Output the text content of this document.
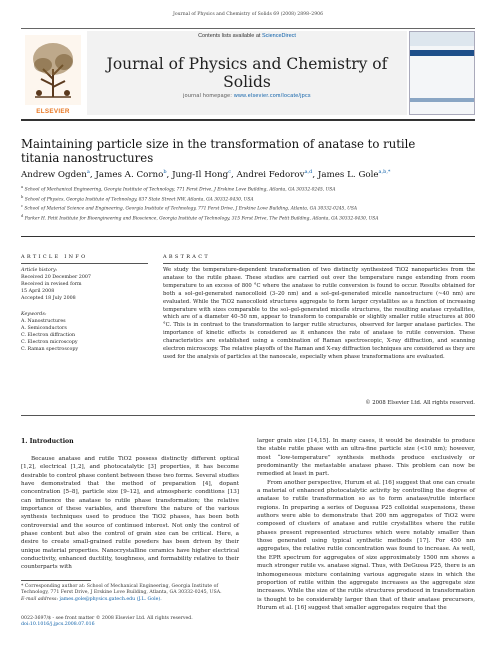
Journal of Physics and Chemistry of Solids 69 (2008) 2898–2906
ELSEVIER
Contents lists available at ScienceDirect
Journal of Physics and Chemistry of Solids
journal homepage: www.elsevier.com/locate/jpcs
Maintaining particle size in the transformation of anatase to rutile
titania nanostructures
Andrew Ogden$^a$, James A. Corno$^b$, Jung-Il Hong$^c$, Andrei Fedorov$^{a,d}$, James L. Gole$^{a,b,*}$
$^a$ School of Mechanical Engineering, Georgia Institute of Technology, 771 Ferst Drive, J Erskine Love Building, Atlanta, GA 30332-0245, USA
$^b$ School of Physics, Georgia Institute of Technology, 837 State Street NW, Atlanta, GA 30332-0430, USA
$^c$ School of Material Science and Engineering, Georgia Institute of Technology, 771 Ferst Drive, J Erskine Love Building, Atlanta, GA 30332-0245, USA
$^d$ Parker H. Petit Institute for Bioengineering and Bioscience, Georgia Institute of Technology, 315 Ferst Drive, The Petit Building, Atlanta, GA 30332-0430, USA
ARTICLE INFO
Article history:
Received 20 December 2007
Received in revised form
15 April 2008
Accepted 18 July 2008
Keywords:
A. Nanostructures
A. Semiconductors
C. Electron diffraction
C. Electron microscopy
C. Raman spectroscopy
ABSTRACT
We study the temperature-dependent transformation of two distinctly synthesized TiO2 nanoparticles from the anatase to the rutile phase. These studies are carried out over the temperature range extending from room temperature to an excess of 800 °C where the anatase to rutile conversion is found to occur. Results obtained for both a sol–gel-generated nanocolloid (3–20 nm) and a sol–gel-generated micelle nanostructure (~40 nm) are evaluated. While the TiO2 nanocolloid structures aggregate to form larger crystallites as a function of increasing temperature with sizes comparable to the sol–gel-generated micelle structures, the resulting anatase crystallites, which are of a diameter 40–50 nm, appear to transform to comparable or slightly smaller rutile structures at 800 °C. This is in contrast to the transformation to larger rutile structures, observed for larger anatase particles. The importance of kinetic effects is considered as it enhances the rate of anatase to rutile conversion. These characteristics are established using a combination of Raman spectroscopic, X-ray diffraction, and scanning electron microscopy. The relative playoffs of the Raman and X-ray diffraction techniques are considered as they are used for the analysis of particles at the nanoscale, especially when phase transformations are evaluated.
© 2008 Elsevier Ltd. All rights reserved.
1. Introduction

Because anatase and rutile TiO2 possess distinctly different optical [1,2], electrical [1,2], and photocatalytic [3] properties, it has become desirable to control phase content between these two forms. Several studies have demonstrated that the method of preparation [4], dopant concentration [5–8], particle size [9–12], and atmospheric conditions [13] can influence the anatase to rutile phase transformation; the relative importance of these variables, and therefore the nature of the various synthesis techniques used to produce the TiO2 phases, has been both controversial and the source of continued interest. Not only the control of phase content but also the control of grain size can be critical. Here, a desire to create small-grained rutile powders has been driven by their unique material properties. Nanocrystalline ceramics have higher electrical conductivity, enhanced ductility, toughness, and formability relative to their counterparts with

larger grain size [14,15]. In many cases, it would be desirable to produce the stable rutile phase with an ultra-fine particle size (<10 nm); however, most “low-temperature” synthesis methods produce exclusively or predominantly the metastable anatase phase. This problem can now be remedied at least in part.

From another perspective, Hurum et al. [16] suggest that one can create a material of enhanced photocatalytic activity by controlling the degree of anatase to rutile transformation so as to form anatase/rutile interface regions. In preparing a series of Degussa P25 colloidal suspensions, these authors were able to demonstrate that 200 nm aggregates of TiO2 were composed of clusters of anatase and rutile crystallites where the rutile phases present represented structures which were notably smaller than those generated using typical synthetic methods [17]. For 450 nm aggregates, the relative rutile concentration was found to increase. As well, the EPR spectrum for aggregates of size approximately 1500 nm shows a much stronger rutile vs. anatase signal. Thus, with DeGussa P25, there is an inhomogeneous mixture containing various aggregate sizes in which the proportion of rutile within the aggregate increases as the aggregate size increases. While the size of the rutile structures produced in transformation is thought to be considerably larger than that of their anatase precursors, Hurum et al. [16] suggest that smaller aggregates require that the

* Corresponding author at: School of Mechanical Engineering, Georgia Institute of Technology, 771 Ferst Drive, J Erskine Love Building, Atlanta, GA 30332-0245, USA.
E-mail address: james.gole@physics.gatech.edu (J.L. Gole).
0022-3697/$ - see front matter © 2008 Elsevier Ltd. All rights reserved.
doi:10.1016/j.jpcs.2008.07.016
